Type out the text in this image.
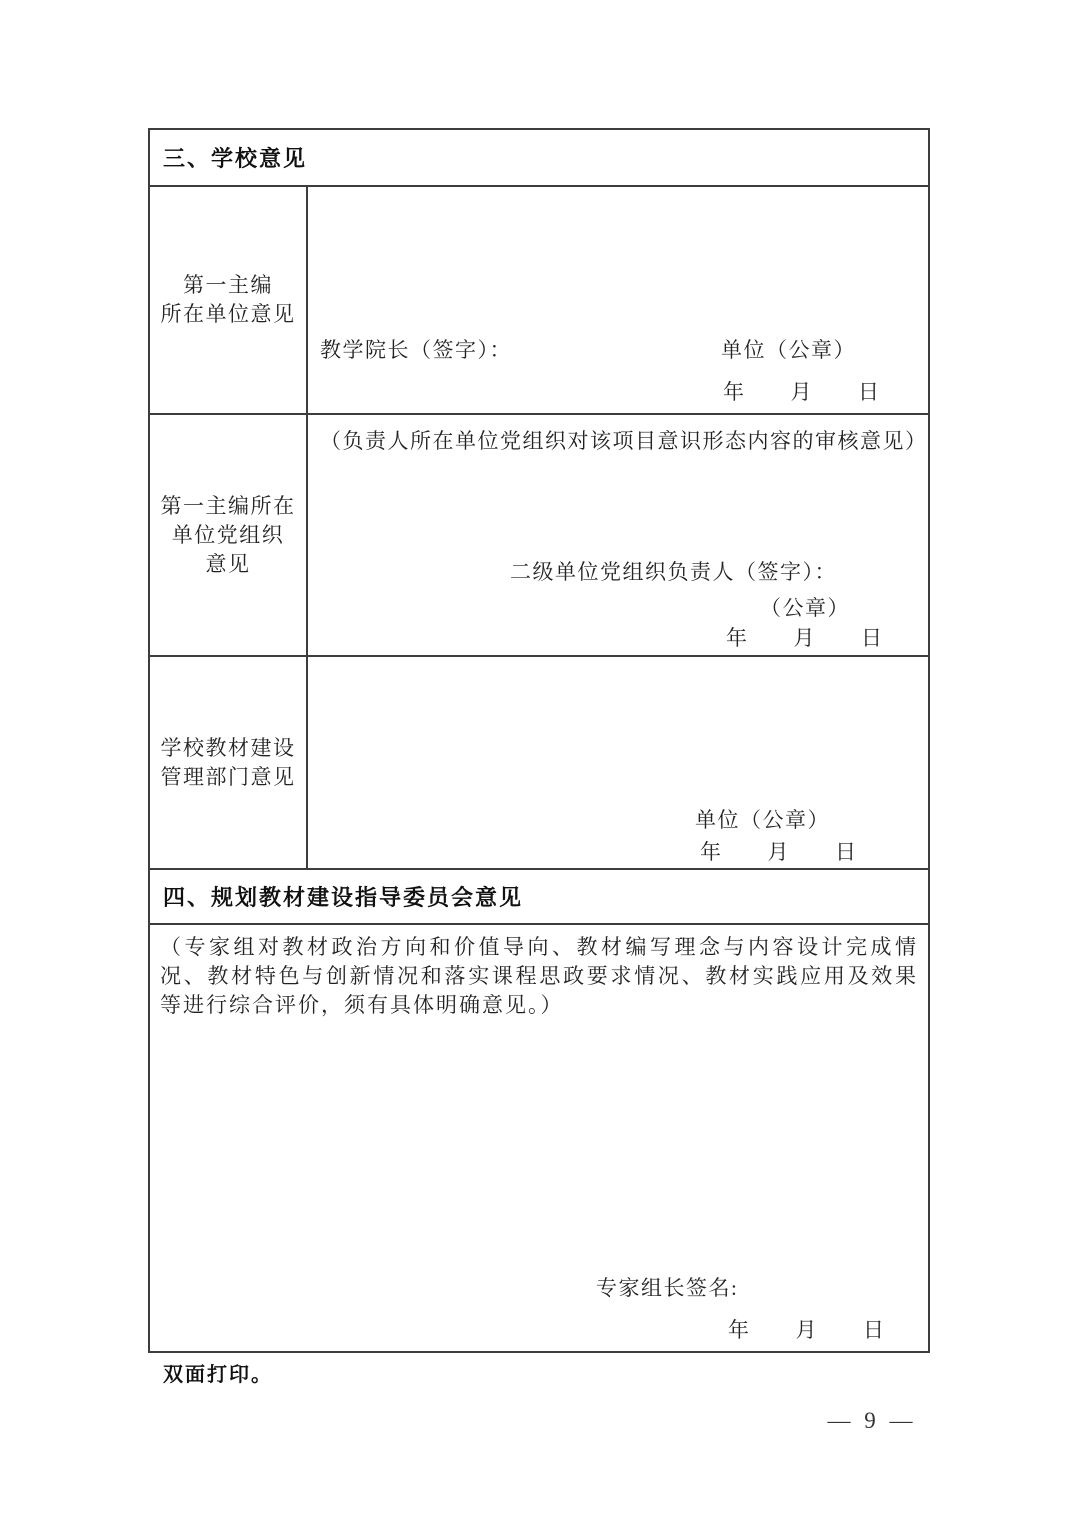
三、学校意见
第一主编
所在单位意见
教学院长（签字）：	单位（公章）
年　　月　　日
第一主编所在
单位党组织
意见
（负责人所在单位党组织对该项目意识形态内容的审核意见）
二级单位党组织负责人（签字）：
（公章）
年　　月　　日
学校教材建设
管理部门意见
单位（公章）
年　　月　　日
四、规划教材建设指导委员会意见
（专家组对教材政治方向和价值导向、教材编写理念与内容设计完成情况、教材特色与创新情况和落实课程思政要求情况、教材实践应用及效果等进行综合评价，须有具体明确意见。）
专家组长签名:
年　　月　　日
双面打印。
— 9 —
